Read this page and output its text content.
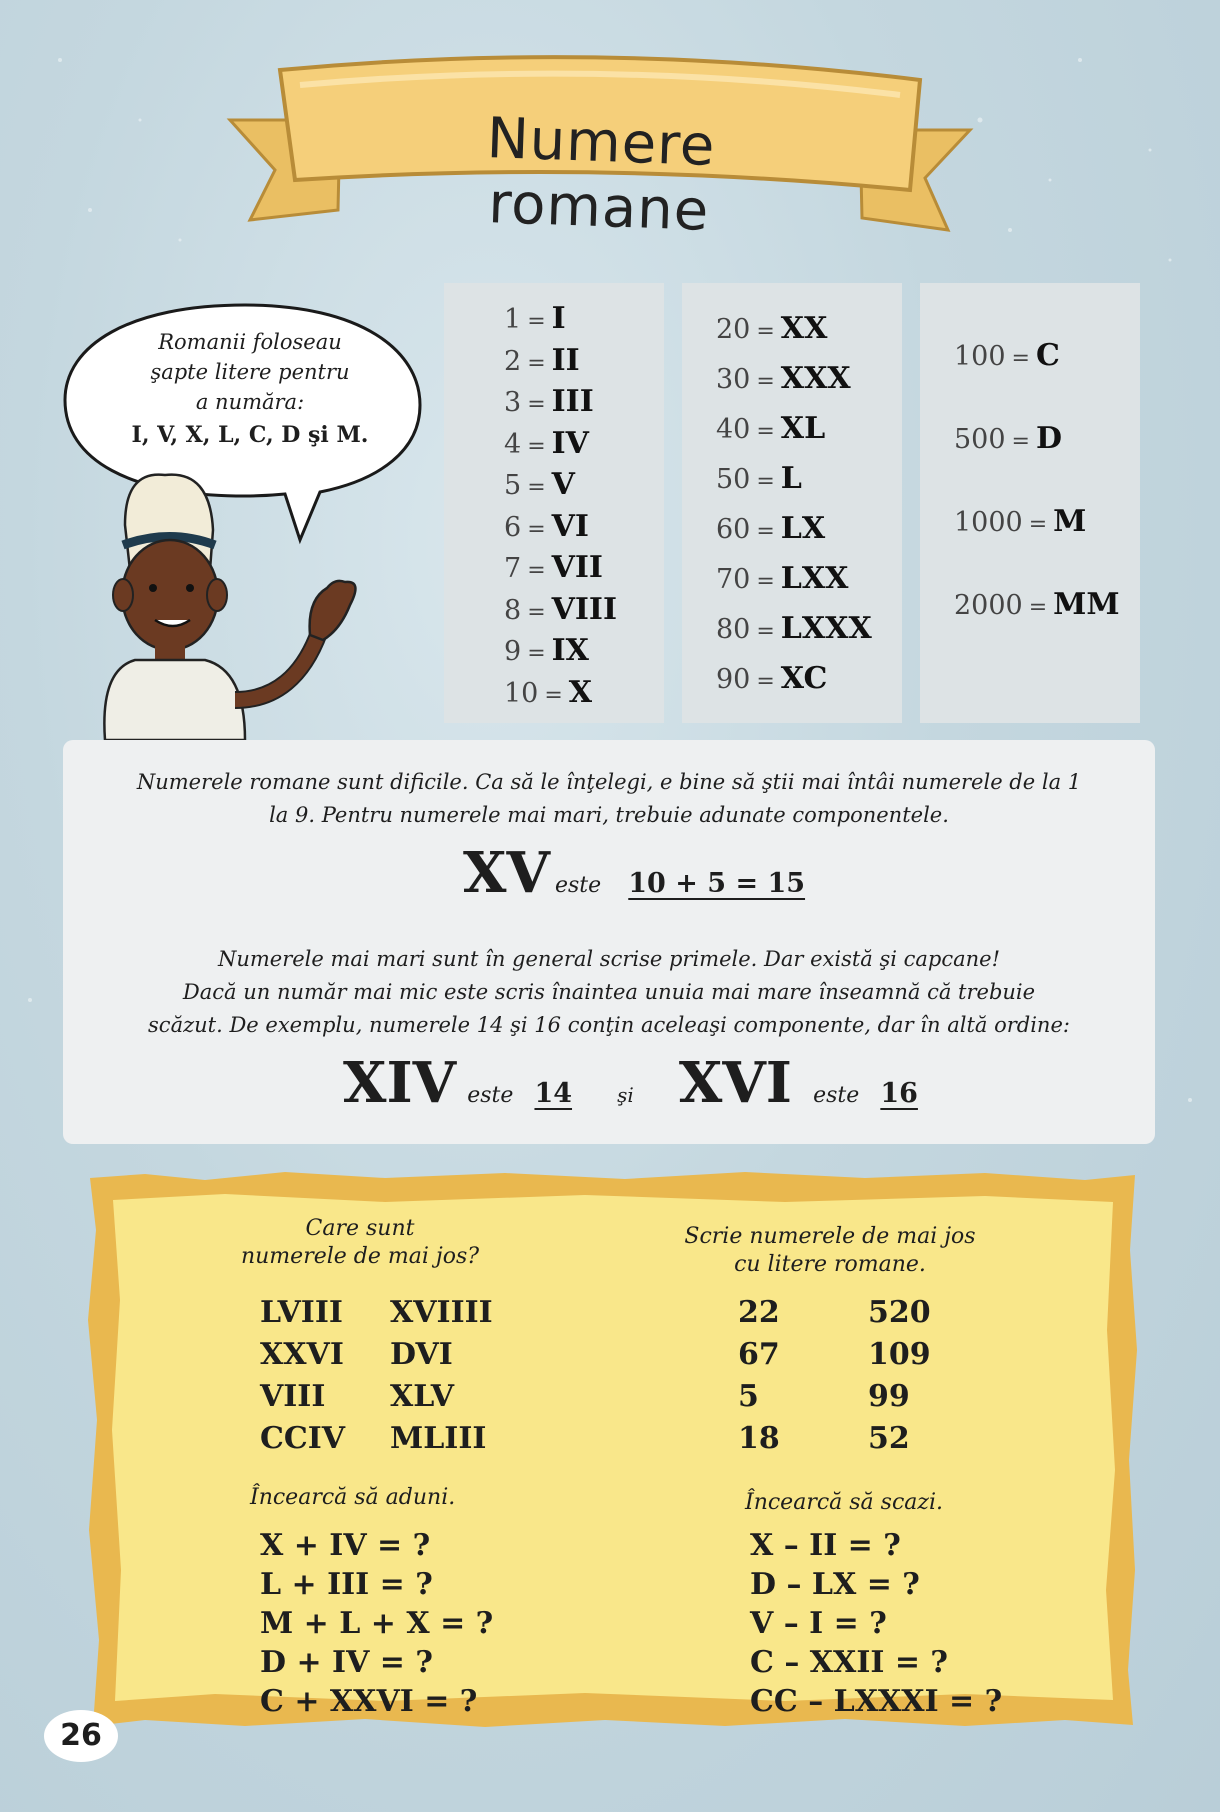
Numere romane
Romanii foloseau
şapte litere pentru
a număra:
I, V, X, L, C, D şi M.
1 = I
2 = II
3 = III
4 = IV
5 = V
6 = VI
7 = VII
8 = VIII
9 = IX
10 = X
20 = XX
30 = XXX
40 = XL
50 = L
60 = LX
70 = LXX
80 = LXXX
90 = XC
100 = C
500 = D
1000 = M
2000 = MM
Numerele romane sunt dificile. Ca să le înţelegi, e bine să ştii mai întâi numerele de la 1
la 9. Pentru numerele mai mari, trebuie adunate componentele.
XV este 10 + 5 = 15
Numerele mai mari sunt în general scrise primele. Dar există şi capcane!
Dacă un număr mai mic este scris înaintea unuia mai mare înseamnă că trebuie
scăzut. De exemplu, numerele 14 şi 16 conţin aceleaşi componente, dar în altă ordine:
XIV este 14 şi XVI este 16
Care sunt
numerele de mai jos?
Scrie numerele de mai jos
cu litere romane.
LVIII XVIIII
XXVI DVI
VIII XLV
CCIV MLIII
22	520
67	109
5	99
18	52
Încearcă să aduni.	Încearcă să scazi.
X + IV = ?
L + III = ?
M + L + X = ?
D + IV = ?
C + XXVI = ?
X – II = ?
D – LX = ?
V – I = ?
C – XXII = ?
CC – LXXXI = ?
26
